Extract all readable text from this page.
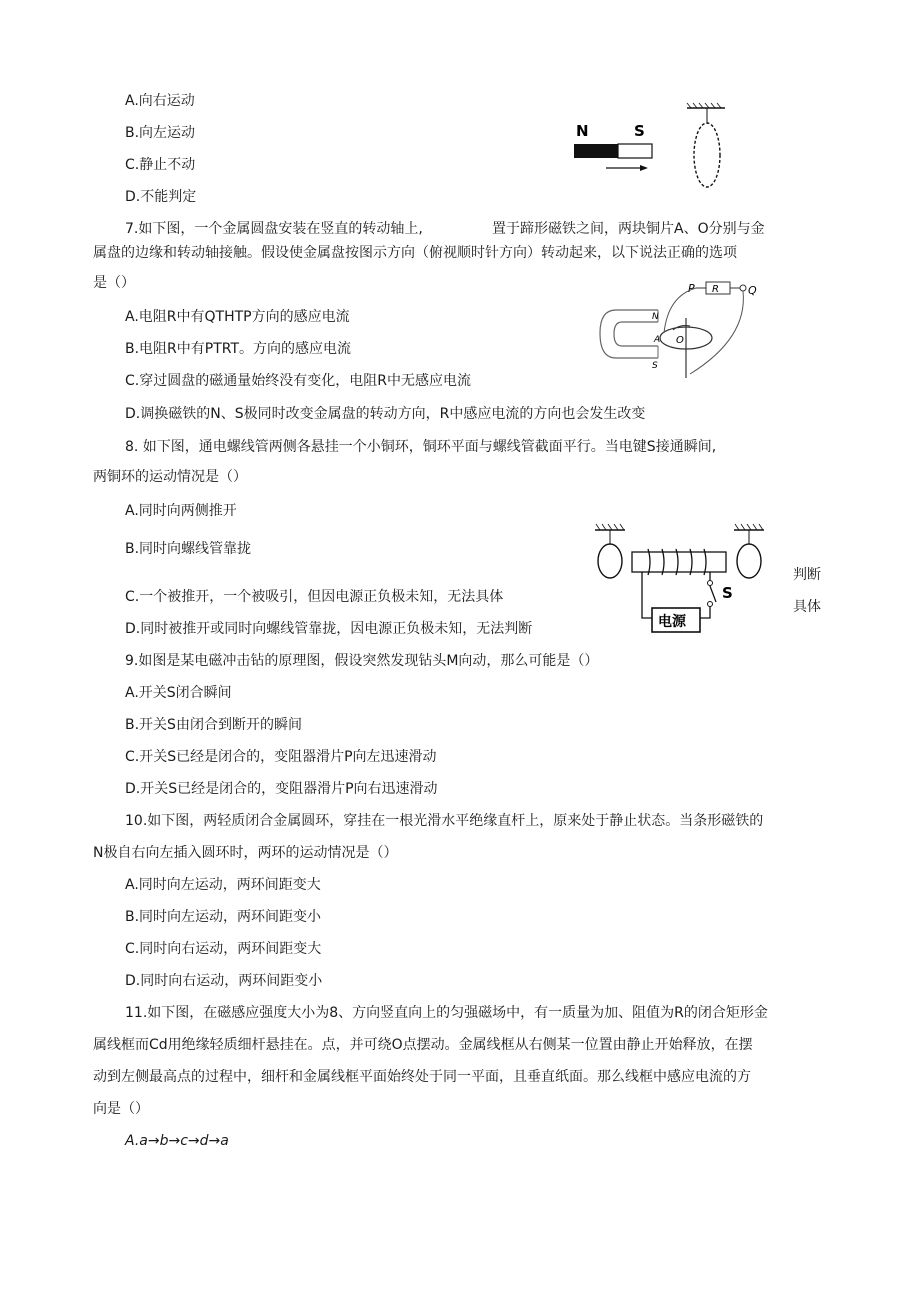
A.向右运动
B.向左运动
C.静止不动
D.不能判定
N	S
7.如下图，一个金属圆盘安装在竖直的转动轴上,	置于蹄形磁铁之间，两块铜片A、O分别与金
属盘的边缘和转动轴接触。假设使金属盘按图示方向（俯视顺时针方向）转动起来，以下说法正确的选项
是（）
A.电阻R中有QTHTP方向的感应电流
B.电阻R中有PTRT。方向的感应电流
C.穿过圆盘的磁通量始终没有变化，电阻R中无感应电流
D.调换磁铁的N、S极同时改变金属盘的转动方向，R中感应电流的方向也会发生改变
P R	Q
N
S
O
A
8. 如下图，通电螺线管两侧各悬挂一个小铜环，铜环平面与螺线管截面平行。当电键S接通瞬间,
两铜环的运动情况是（）
A.同时向两侧推开
B.同时向螺线管靠拢
C.一个被推开，一个被吸引，但因电源正负极未知，无法具体
判断
D.同时被推开或同时向螺线管靠拢，因电源正负极未知，无法判断
具体
S
电源
9.如图是某电磁冲击钻的原理图，假设突然发现钻头M向动，那么可能是（）
A.开关S闭合瞬间
B.开关S由闭合到断开的瞬间
C.开关S已经是闭合的，变阻器滑片P向左迅速滑动
D.开关S已经是闭合的，变阻器滑片P向右迅速滑动
10.如下图，两轻质闭合金属圆环，穿挂在一根光滑水平绝缘直杆上，原来处于静止状态。当条形磁铁的
N极自右向左插入圆环时，两环的运动情况是（）
A.同时向左运动，两环间距变大
B.同时向左运动，两环间距变小
C.同时向右运动，两环间距变大
D.同时向右运动，两环间距变小
11.如下图，在磁感应强度大小为8、方向竖直向上的匀强磁场中，有一质量为加、阻值为R的闭合矩形金
属线框而Cd用绝缘轻质细杆悬挂在。点，并可绕O点摆动。金属线框从右侧某一位置由静止开始释放，在摆
动到左侧最高点的过程中，细杆和金属线框平面始终处于同一平面，且垂直纸面。那么线框中感应电流的方
向是（）
A.a→b→c→d→a
